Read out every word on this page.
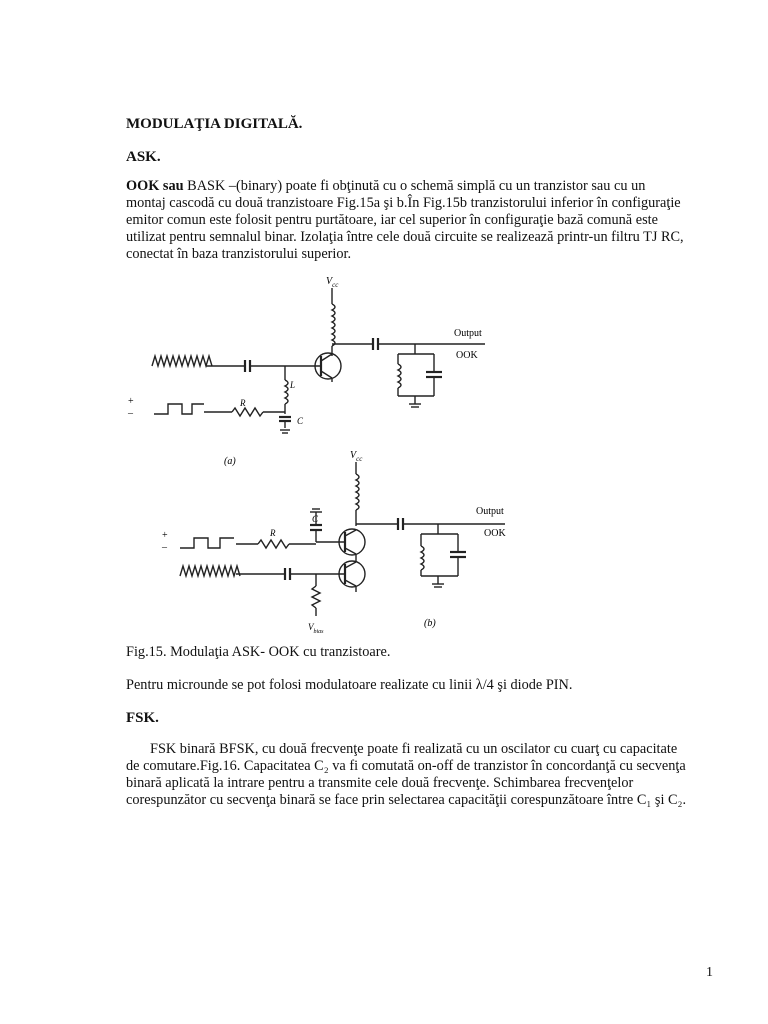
MODULAŢIA DIGITALĂ.
ASK.
OOK sau BASK –(binary) poate fi obţinută cu o schemă simplă cu un tranzistor sau cu un
montaj cascodă cu două tranzistoare Fig.15a şi b.În Fig.15b tranzistorului inferior în configuraţie
emitor comun este folosit pentru purtătoare, iar cel superior în configuraţie bază comună este
utilizat pentru semnalul binar. Izolaţia între cele două circuite se realizează printr-un filtru TJ RC,
conectat în baza tranzistorului superior.
$V_{cc}$
Output
OOK
L
C
+
–
R
(a)
$V_{cc}$
Output
OOK
C
+
–
R
$V_{bias}$
(b)
Fig.15. Modulaţia ASK- OOK cu tranzistoare.
Pentru microunde se pot folosi modulatoare realizate cu linii λ/4 şi diode PIN.
FSK.
FSK binară BFSK, cu două frecvenţe poate fi realizată cu un oscilator cu cuarţ cu capacitate
de comutare.Fig.16. Capacitatea C₂ va fi comutată on-off de tranzistor în concordanţă cu secvenţa
binară aplicată la intrare pentru a transmite cele două frecvenţe. Schimbarea frecvenţelor
corespunzător cu secvenţa binară se face prin selectarea capacităţii corespunzătoare între C₁ şi C₂.
1
